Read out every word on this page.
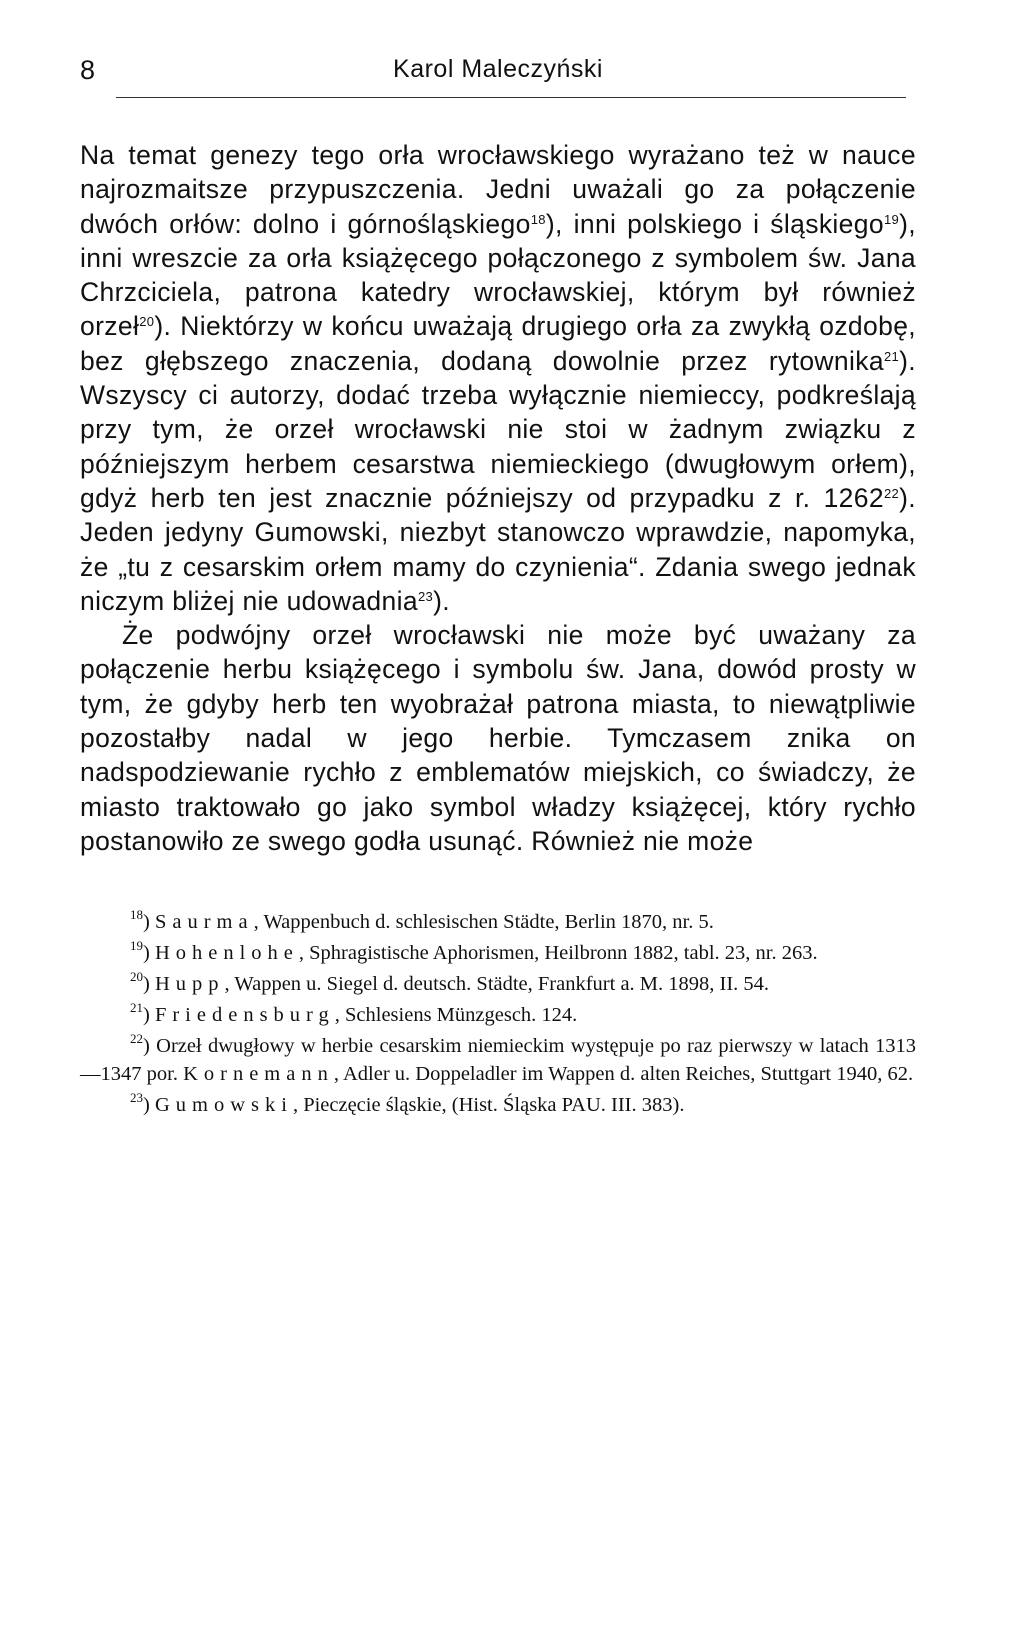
8	Karol Maleczyński

Na temat genezy tego orła wrocławskiego wyrażano też w nauce najrozmaitsze przypuszczenia. Jedni uważali go za połączenie dwóch orłów: dolno i górnośląskiego$^{18}$), inni polskiego i śląskiego$^{19}$), inni wreszcie za orła książęcego połączonego z symbolem św. Jana Chrzciciela, patrona katedry wrocławskiej, którym był również orzeł$^{20}$). Niektórzy w końcu uważają drugiego orła za zwykłą ozdobę, bez głębszego znaczenia, dodaną dowolnie przez rytownika$^{21}$). Wszyscy ci autorzy, dodać trzeba wyłącznie niemieccy, podkreślają przy tym, że orzeł wrocławski nie stoi w żadnym związku z późniejszym herbem cesarstwa niemieckiego (dwugłowym orłem), gdyż herb ten jest znacznie późniejszy od przypadku z r. 1262$^{22}$). Jeden jedyny Gumowski, niezbyt stanowczo wprawdzie, napomyka, że „tu z cesarskim orłem mamy do czynienia“. Zdania swego jednak niczym bliżej nie udowadnia$^{23}$).

Że podwójny orzeł wrocławski nie może być uważany za połączenie herbu książęcego i symbolu św. Jana, dowód prosty w tym, że gdyby herb ten wyobrażał patrona miasta, to niewątpliwie pozostałby nadal w jego herbie. Tymczasem znika on nadspodziewanie rychło z emblematów miejskich, co świadczy, że miasto traktowało go jako symbol władzy książęcej, który rychło postanowiło ze swego godła usunąć. Również nie może

$^{18}$) Saurma, Wappenbuch d. schlesischen Städte, Berlin 1870, nr. 5.

$^{19}$) Hohenlohe, Sphragistische Aphorismen, Heilbronn 1882, tabl. 23, nr. 263.

$^{20}$) Hupp, Wappen u. Siegel d. deutsch. Städte, Frankfurt a. M. 1898, II. 54.

$^{21}$) Friedensburg, Schlesiens Münzgesch. 124.

$^{22}$) Orzeł dwugłowy w herbie cesarskim niemieckim występuje po raz pierwszy w latach 1313—1347 por. Kornemann, Adler u. Doppeladler im Wappen d. alten Reiches, Stuttgart 1940, 62.

$^{23}$) Gumowski, Pieczęcie śląskie, (Hist. Śląska PAU. III. 383).
